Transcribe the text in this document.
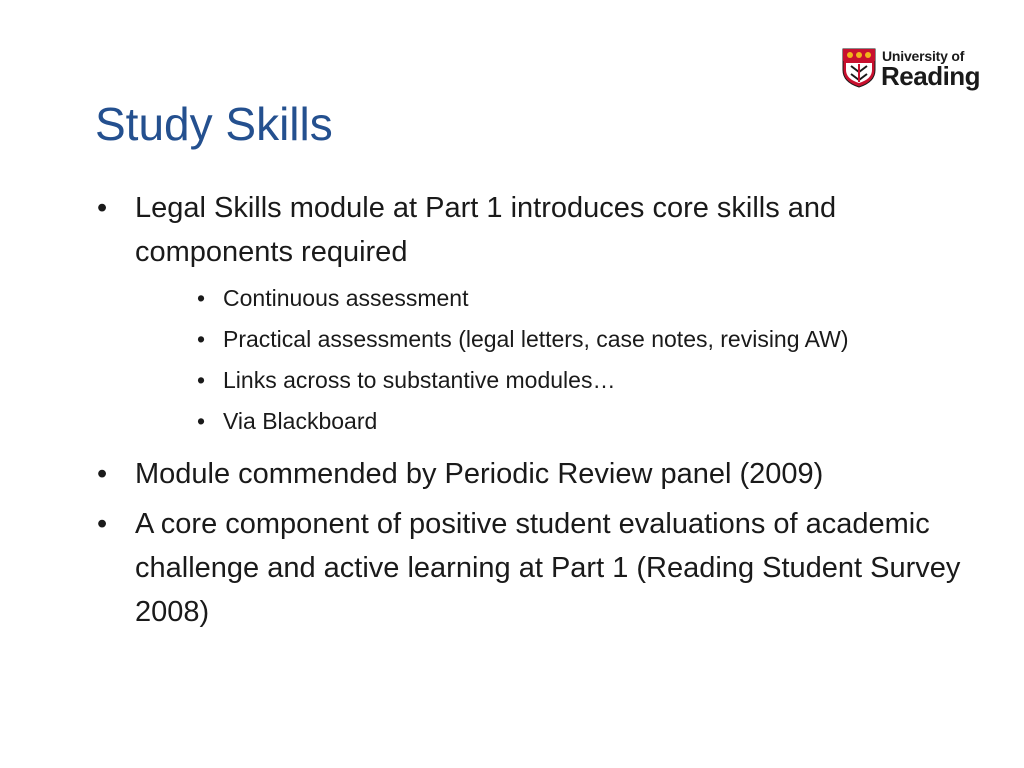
University of
Reading
Study Skills
• Legal Skills module at Part 1 introduces core skills and components required
• Continuous assessment
• Practical assessments (legal letters, case notes, revising AW)
• Links across to substantive modules…
• Via Blackboard
• Module commended by Periodic Review panel (2009)
• A core component of positive student evaluations of academic challenge and active learning at Part 1 (Reading Student Survey 2008)
